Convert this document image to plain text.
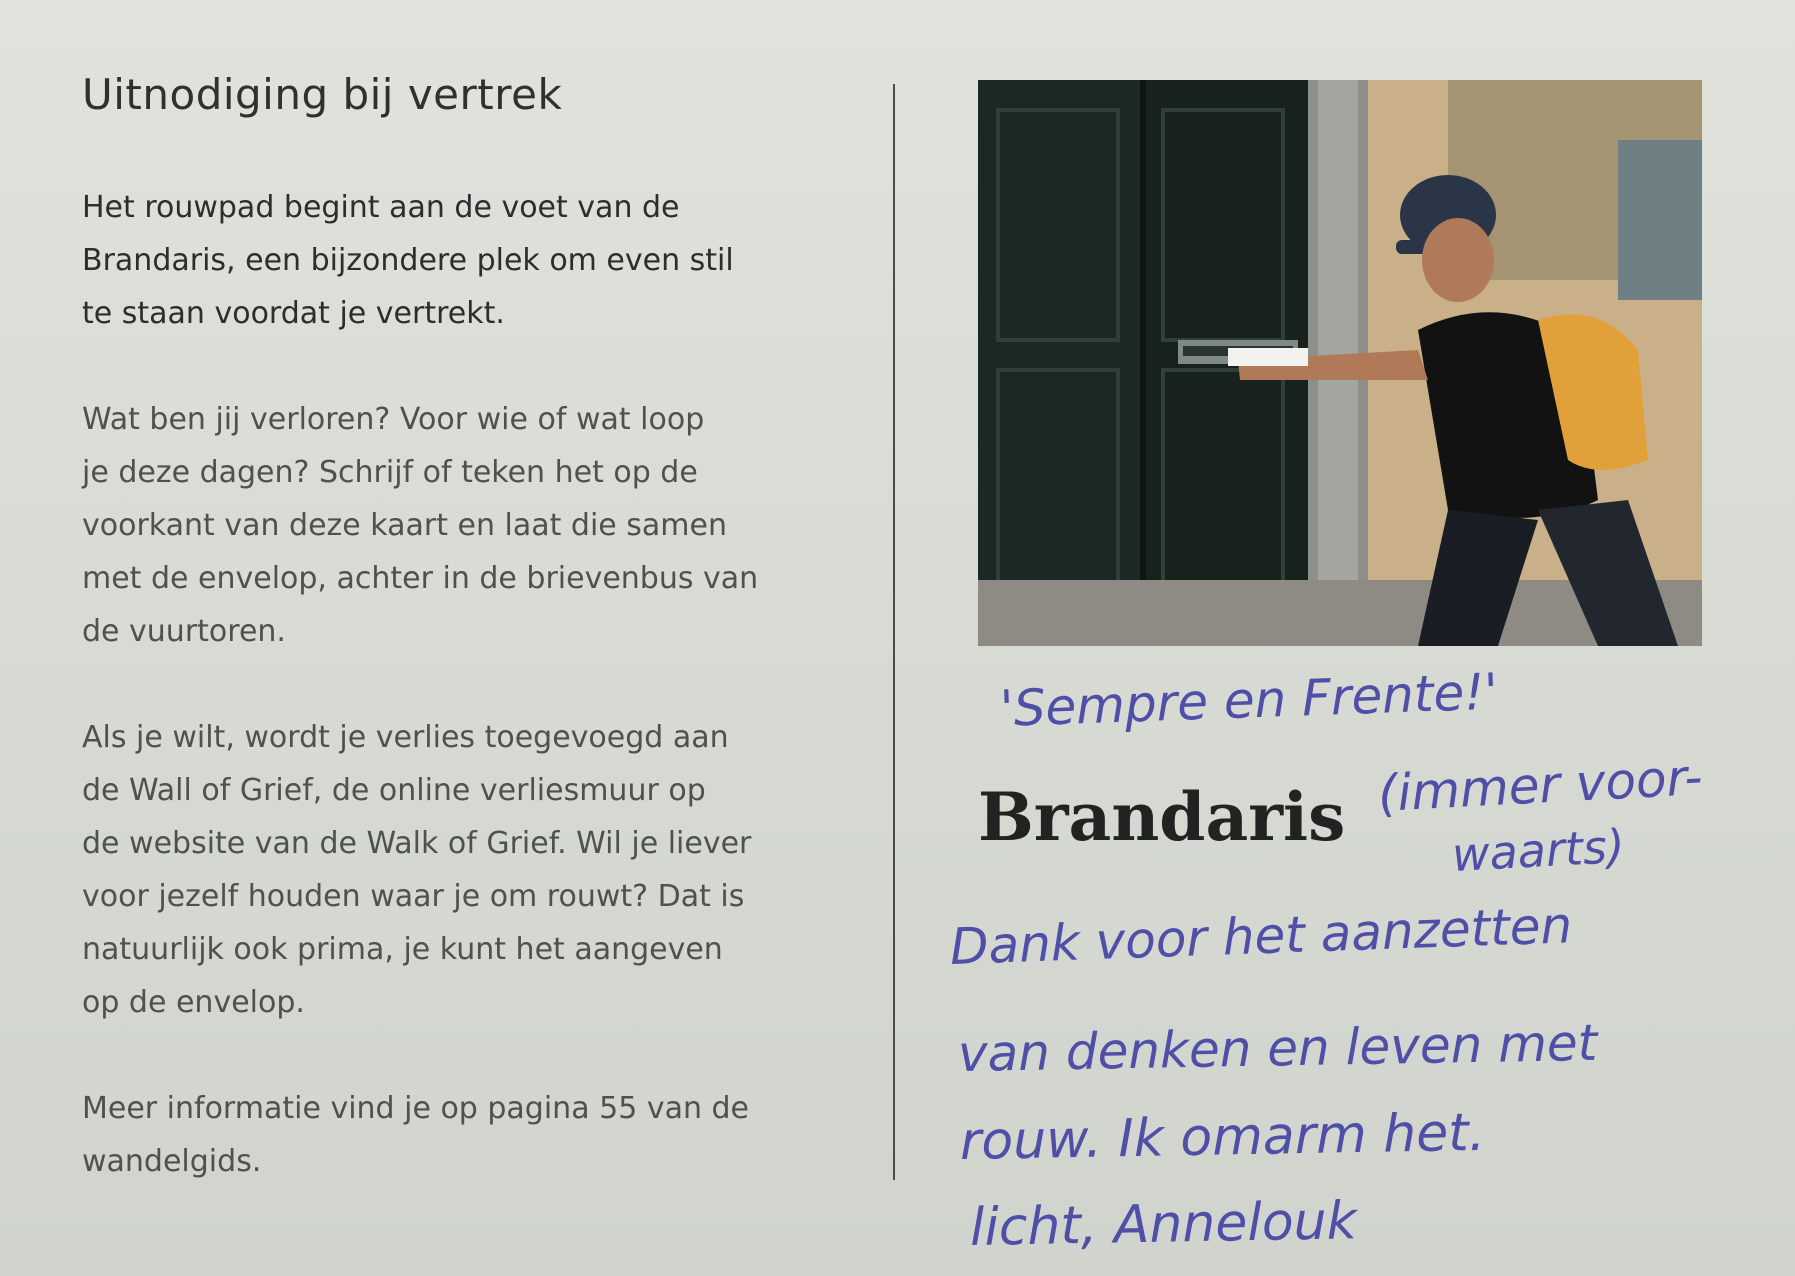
Uitnodiging bij vertrek

Het rouwpad begint aan de voet van de
Brandaris, een bijzondere plek om even stil
te staan voordat je vertrekt.

Wat ben jij verloren? Voor wie of wat loop
je deze dagen? Schrijf of teken het op de
voorkant van deze kaart en laat die samen
met de envelop, achter in de brievenbus van
de vuurtoren.

Als je wilt, wordt je verlies toegevoegd aan
de Wall of Grief, de online verliesmuur op
de website van de Walk of Grief. Wil je liever
voor jezelf houden waar je om rouwt? Dat is
natuurlijk ook prima, je kunt het aangeven
op de envelop.

Meer informatie vind je op pagina 55 van de
wandelgids.

Brandaris
'Sempre en Frente!'
(immer voor-
waarts)
Dank voor het aanzetten
van denken en leven met
rouw. Ik omarm het.
licht, Annelouk
